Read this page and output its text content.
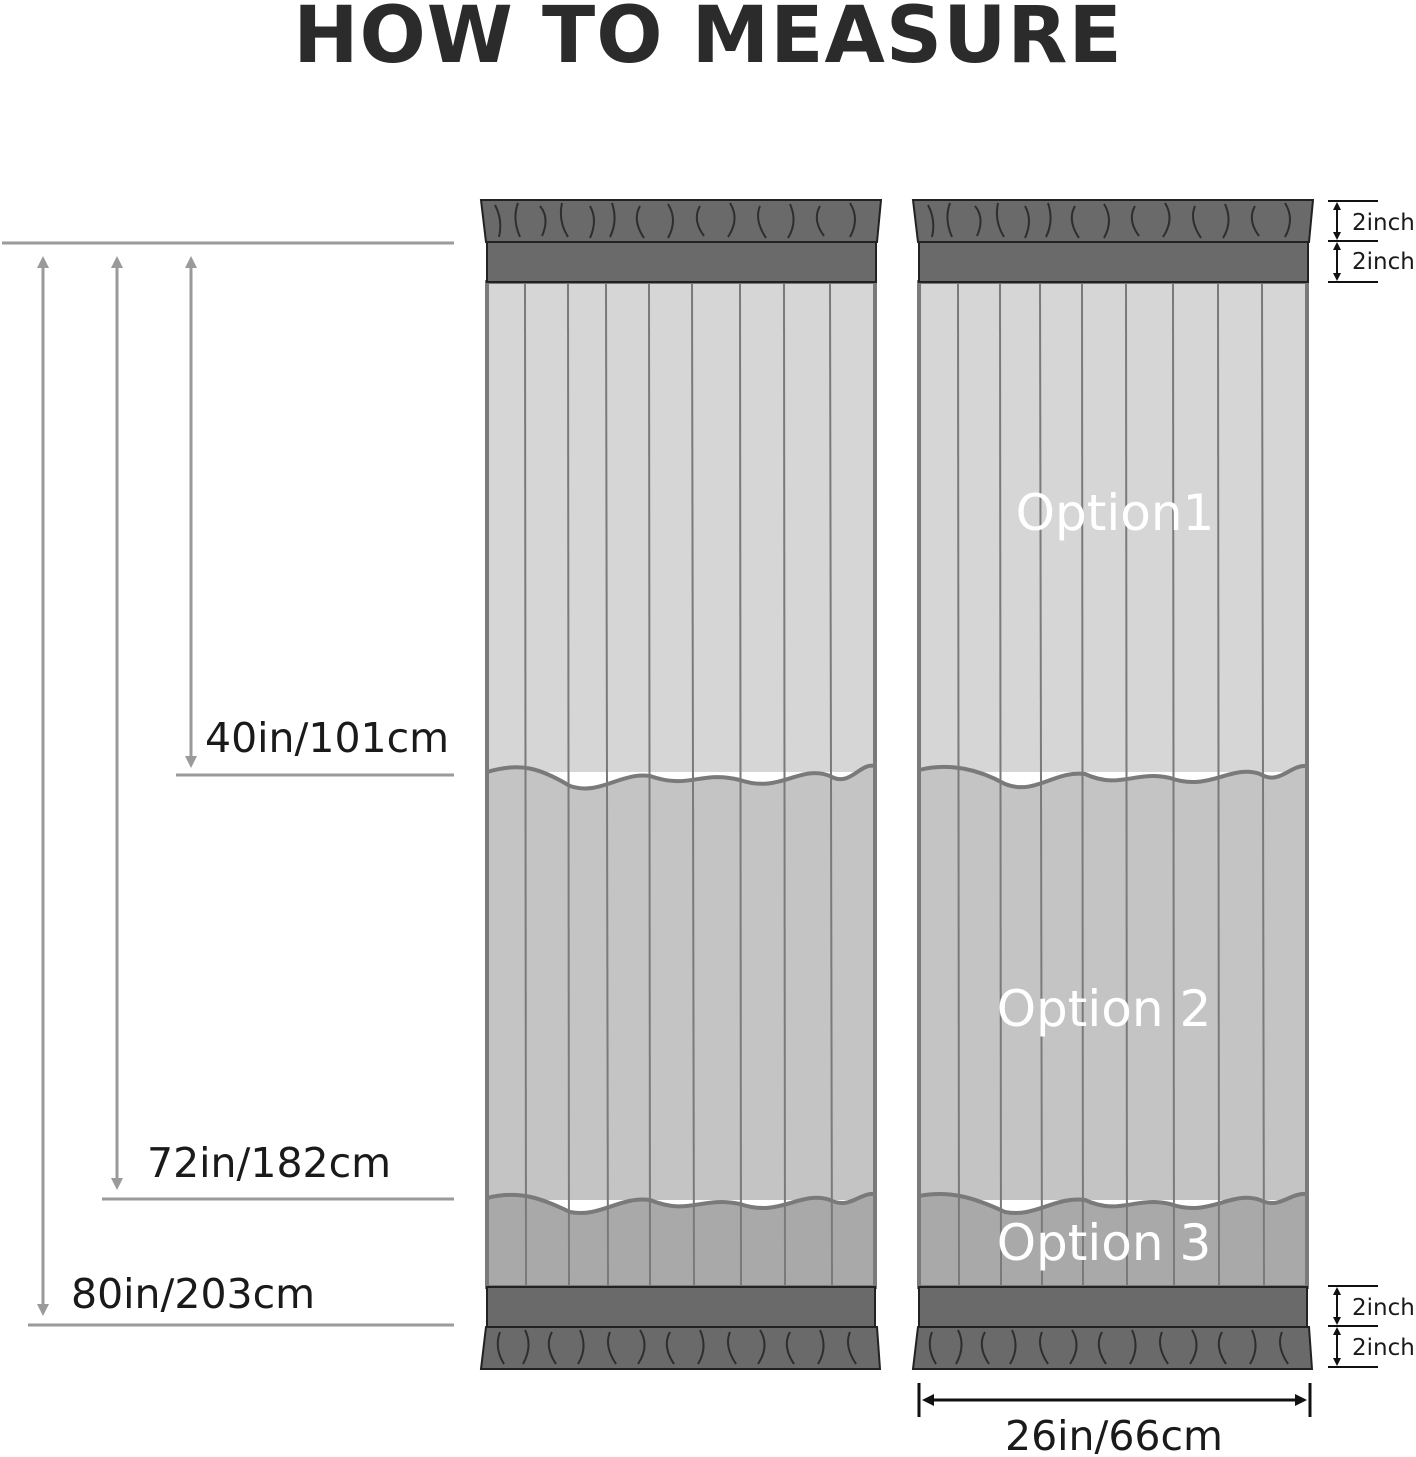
HOW TO MEASURE
40in/101cm
72in/182cm
80in/203cm
Option1
Option 2
Option 3
2inch
2inch
2inch
2inch
26in/66cm
